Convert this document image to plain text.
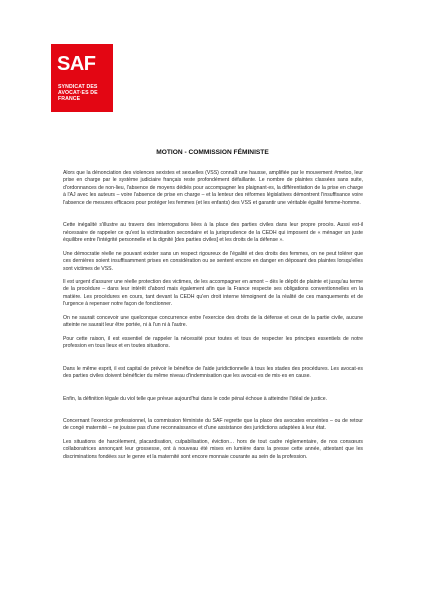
SAF
SYNDICAT DES AVOCAT·ES DE FRANCE
MOTION - COMMISSION FÉMINISTE

Alors que la dénonciation des violences sexistes et sexuelles (VSS) connaît une hausse, amplifiée par le mouvement #metoo, leur prise en charge par le système judiciaire français reste profondément défaillante. Le nombre de plaintes classées sans suite, d'ordonnances de non-lieu, l'absence de moyens dédiés pour accompagner les plaignant·es, la différentiation de la prise en charge à l'AJ avec les auteurs – voire l'absence de prise en charge – et la lenteur des réformes législatives démontrent l'insuffisance voire l'absence de mesures efficaces pour protéger les femmes (et les enfants) des VSS et garantir une véritable égalité femme-homme.

Cette inégalité s'illustre au travers des interrogations liées à la place des parties civiles dans leur propre procès. Aussi est-il nécessaire de rappeler ce qu'est la victimisation secondaire et la jurisprudence de la CEDH qui imposent de « ménager un juste équilibre entre l'intégrité personnelle et la dignité [des parties civiles] et les droits de la défense ».

Une démocratie réelle ne pouvant exister sans un respect rigoureux de l'égalité et des droits des femmes, on ne peut tolérer que ces dernières soient insuffisamment prises en considération ou se sentent encore en danger en déposant des plaintes lorsqu'elles sont victimes de VSS.

Il est urgent d'assurer une réelle protection des victimes, de les accompagner en amont – dès le dépôt de plainte et jusqu'au terme de la procédure – dans leur intérêt d'abord mais également afin que la France respecte ses obligations conventionnelles en la matière. Les procédures en cours, tant devant la CEDH qu'en droit interne témoignent de la réalité de ces manquements et de l'urgence à repenser notre façon de fonctionner.

On ne saurait concevoir une quelconque concurrence entre l'exercice des droits de la défense et ceux de la partie civile, aucune atteinte ne saurait leur être portée, ni à l'un ni à l'autre.

Pour cette raison, il est essentiel de rappeler la nécessité pour toutes et tous de respecter les principes essentiels de notre profession en tous lieux et en toutes situations.

Dans le même esprit, il est capital de prévoir le bénéfice de l'aide juridictionnelle à tous les stades des procédures. Les avocat·es des parties civiles doivent bénéficier du même niveau d'indemnisation que les avocat·es de mis·es en cause.

Enfin, la définition légale du viol telle que prévue aujourd'hui dans le code pénal échoue à atteindre l'idéal de justice.

Concernant l'exercice professionnel, la commission féministe du SAF regrette que la place des avocates enceintes – ou de retour de congé maternité – ne jouisse pas d'une reconnaissance et d'une assistance des juridictions adaptées à leur état.

Les situations de harcèlement, placardisation, culpabilisation, éviction… hors de tout cadre réglementaire, de nos consœurs collaboratrices annonçant leur grossesse, ont à nouveau été mises en lumière dans la presse cette année, attestant que les discriminations fondées sur le genre et la maternité sont encore monnaie courante au sein de la profession.
